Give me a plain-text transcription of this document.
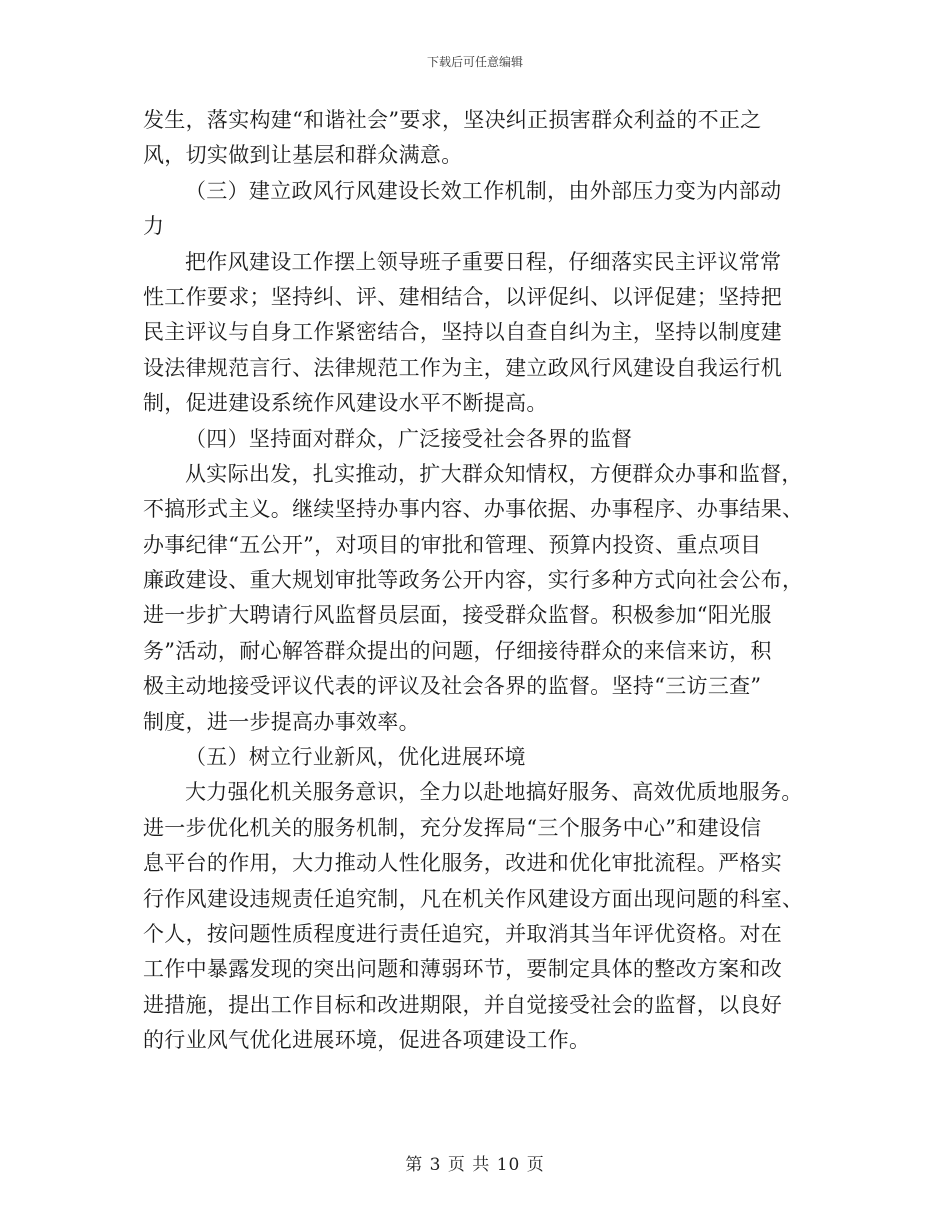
下载后可任意编辑
发生，落实构建“和谐社会”要求，坚决纠正损害群众利益的不正之
风，切实做到让基层和群众满意。
（三）建立政风行风建设长效工作机制，由外部压力变为内部动
力
把作风建设工作摆上领导班子重要日程，仔细落实民主评议常常
性工作要求；坚持纠、评、建相结合，以评促纠、以评促建；坚持把
民主评议与自身工作紧密结合，坚持以自查自纠为主，坚持以制度建
设法律规范言行、法律规范工作为主，建立政风行风建设自我运行机
制，促进建设系统作风建设水平不断提高。
（四）坚持面对群众，广泛接受社会各界的监督
从实际出发，扎实推动，扩大群众知情权，方便群众办事和监督，
不搞形式主义。继续坚持办事内容、办事依据、办事程序、办事结果、
办事纪律“五公开”，对项目的审批和管理、预算内投资、重点项目
廉政建设、重大规划审批等政务公开内容，实行多种方式向社会公布，
进一步扩大聘请行风监督员层面，接受群众监督。积极参加“阳光服
务”活动，耐心解答群众提出的问题，仔细接待群众的来信来访，积
极主动地接受评议代表的评议及社会各界的监督。坚持“三访三查”
制度，进一步提高办事效率。
（五）树立行业新风，优化进展环境
大力强化机关服务意识，全力以赴地搞好服务、高效优质地服务。
进一步优化机关的服务机制，充分发挥局“三个服务中心”和建设信
息平台的作用，大力推动人性化服务，改进和优化审批流程。严格实
行作风建设违规责任追究制，凡在机关作风建设方面出现问题的科室、
个人，按问题性质程度进行责任追究，并取消其当年评优资格。对在
工作中暴露发现的突出问题和薄弱环节，要制定具体的整改方案和改
进措施，提出工作目标和改进期限，并自觉接受社会的监督，以良好
的行业风气优化进展环境，促进各项建设工作。
第 3 页 共 10 页
